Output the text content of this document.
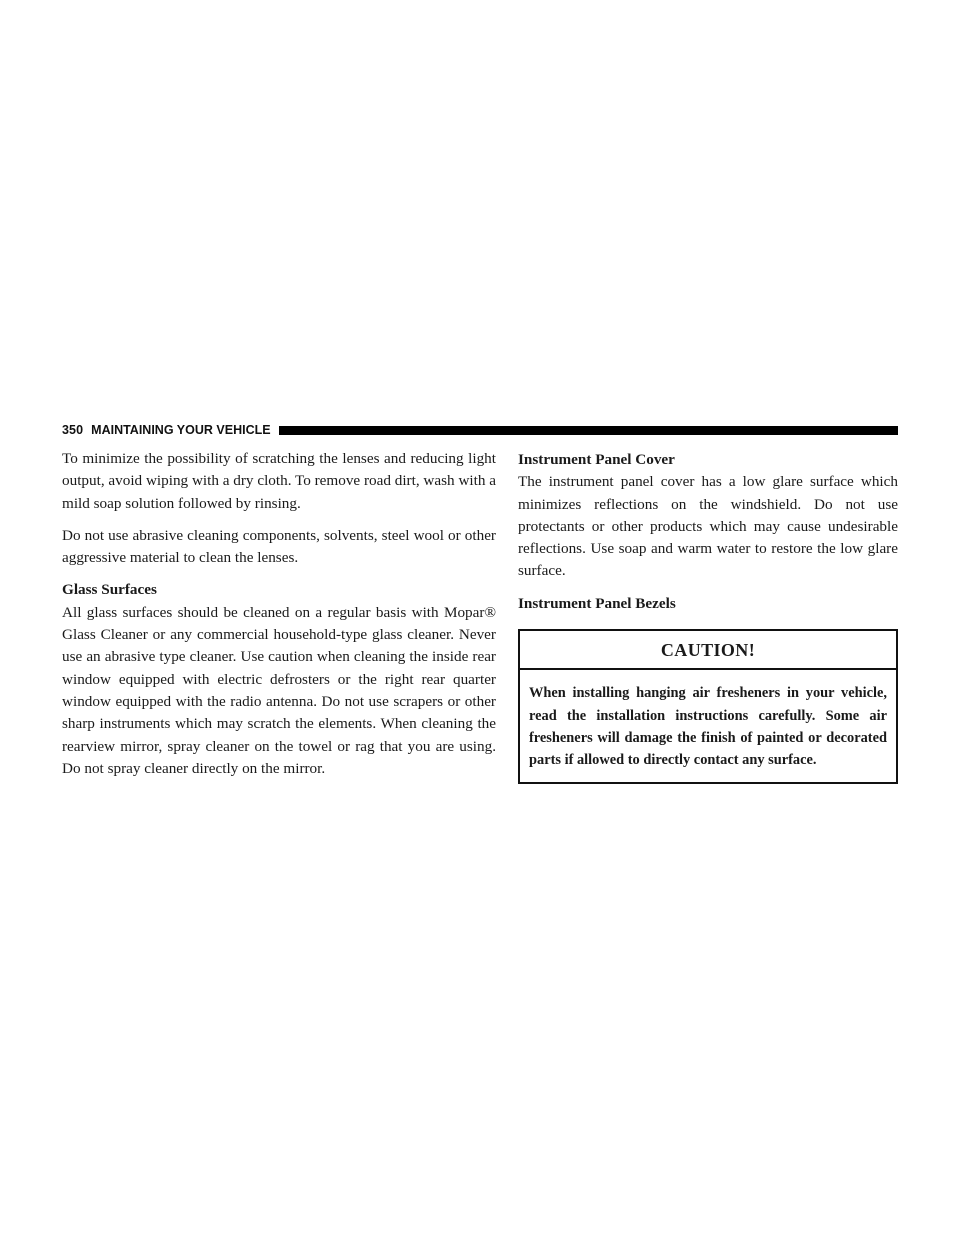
350 MAINTAINING YOUR VEHICLE

To minimize the possibility of scratching the lenses and reducing light output, avoid wiping with a dry cloth. To remove road dirt, wash with a mild soap solution followed by rinsing.

Do not use abrasive cleaning components, solvents, steel wool or other aggressive material to clean the lenses.

Glass Surfaces

All glass surfaces should be cleaned on a regular basis with Mopar® Glass Cleaner or any commercial household-type glass cleaner. Never use an abrasive type cleaner. Use caution when cleaning the inside rear window equipped with electric defrosters or the right rear quarter window equipped with the radio antenna. Do not use scrapers or other sharp instruments which may scratch the elements. When cleaning the rearview mirror, spray cleaner on the towel or rag that you are using. Do not spray cleaner directly on the mirror.

Instrument Panel Cover

The instrument panel cover has a low glare surface which minimizes reflections on the windshield. Do not use protectants or other products which may cause undesirable reflections. Use soap and warm water to restore the low glare surface.

Instrument Panel Bezels

CAUTION!
When installing hanging air fresheners in your vehicle, read the installation instructions carefully. Some air fresheners will damage the finish of painted or decorated parts if allowed to directly contact any surface.
